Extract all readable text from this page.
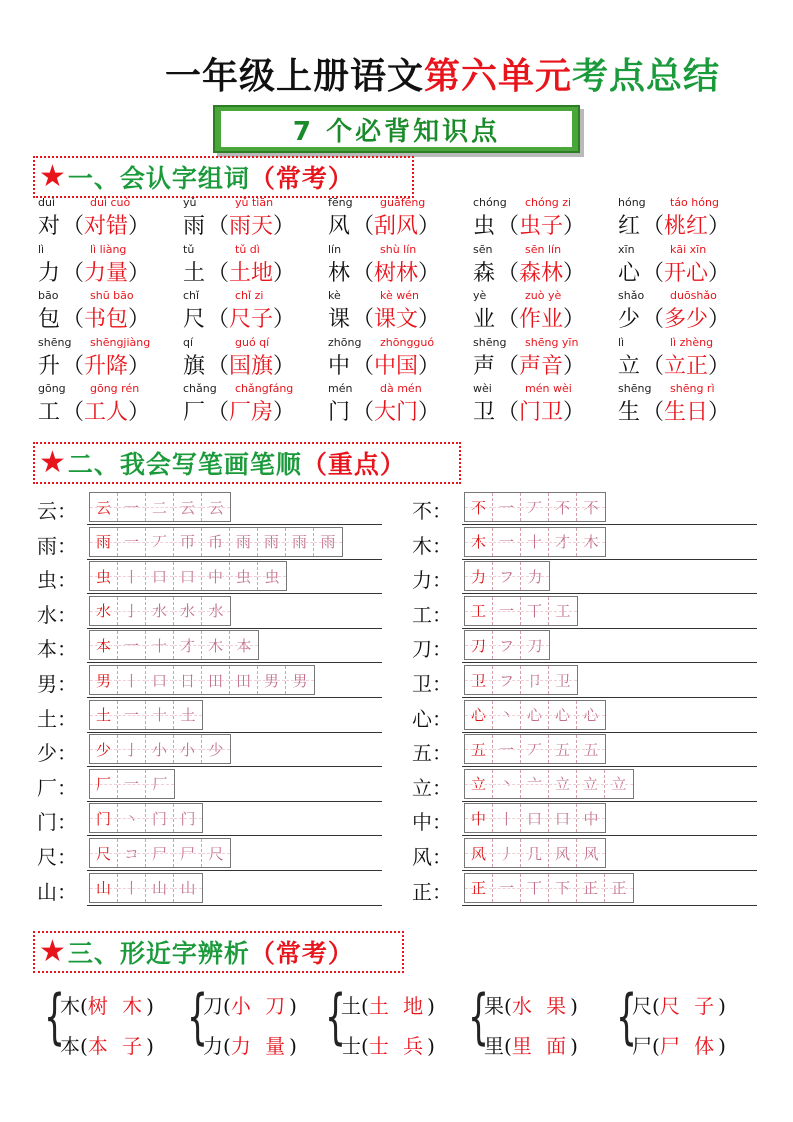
一年级上册语文第六单元考点总结
7 个必背知识点
★ 一、会认字组词 （常考）
duì	duì cuò
对 （对错）
yǔ	yǔ tiān
雨 （雨天）
fēng guāfēng
风 （刮风）
chóng chóng zi
虫 （虫子）
hóng táo hóng
红 （桃红）
lì	lì liàng
力 （力量）
tǔ	tǔ dì
土 （土地）
lín	shù lín
林 （树林）
sēn	sēn lín
森 （森林）
xīn	kāi xīn
心 （开心）
bāo	shū bāo
包 （书包）
chǐ	chǐ zi
尺 （尺子）
kè	kè wén
课 （课文）
yè	zuò yè
业 （作业）
shǎo duōshǎo
少 （多少）
shēng shēngjiàng
升 （升降）
qí	guó qí
旗 （国旗）
zhōng zhōngguó
中 （中国）
shēng shēng yīn
声 （声音）
lì	lì zhèng
立 （立正）
gōng gōng rén
工 （工人）
chǎng chǎngfáng
厂 （厂房）
mén	dà mén
门 （大门）
wèi	mén wèi
卫 （门卫）
shēng shēng rì
生 （生日）
★ 二、我会写笔画笔顺 （重点）
云：	云 一 二 云 云
雨：	雨 一 丆 帀 币 雨 雨 雨 雨
虫：	虫 丨 口 口 中 虫 虫
水：	水 亅 水 水 水
本：	本 一 十 才 木 本
男：	男 丨 口 日 田 田 男 男
土：	土 一 十 土
少：	少 亅 小 小 少
厂：	厂 一 厂
门：	门 丶 门 门
尺：	尺 コ 尸 尸 尺
山：	山 丨 山 山
不：	不 一 丆 不 不
木：	木 一 十 才 木
力：	力 フ 力
工：	工 一 丅 工
刀：	刀 フ 刀
卫：	卫 フ 卩 卫
心：	心 丶 心 心 心
五：	五 一 丆 五 五
立：	立 丶 亠 立 立 立
中：	中 丨 口 口 中
风：	风 丿 几 风 风
正：	正 一 丅 下 正 正
★ 三、形近字辨析 （常考）
{
木(树 木)
本(本 子) {
刀(小 刀)
力(力 量) {
土(土 地)
士(士 兵) {
果(水 果)
里(里 面) {
尺(尺 子)
尸(尸 体)
